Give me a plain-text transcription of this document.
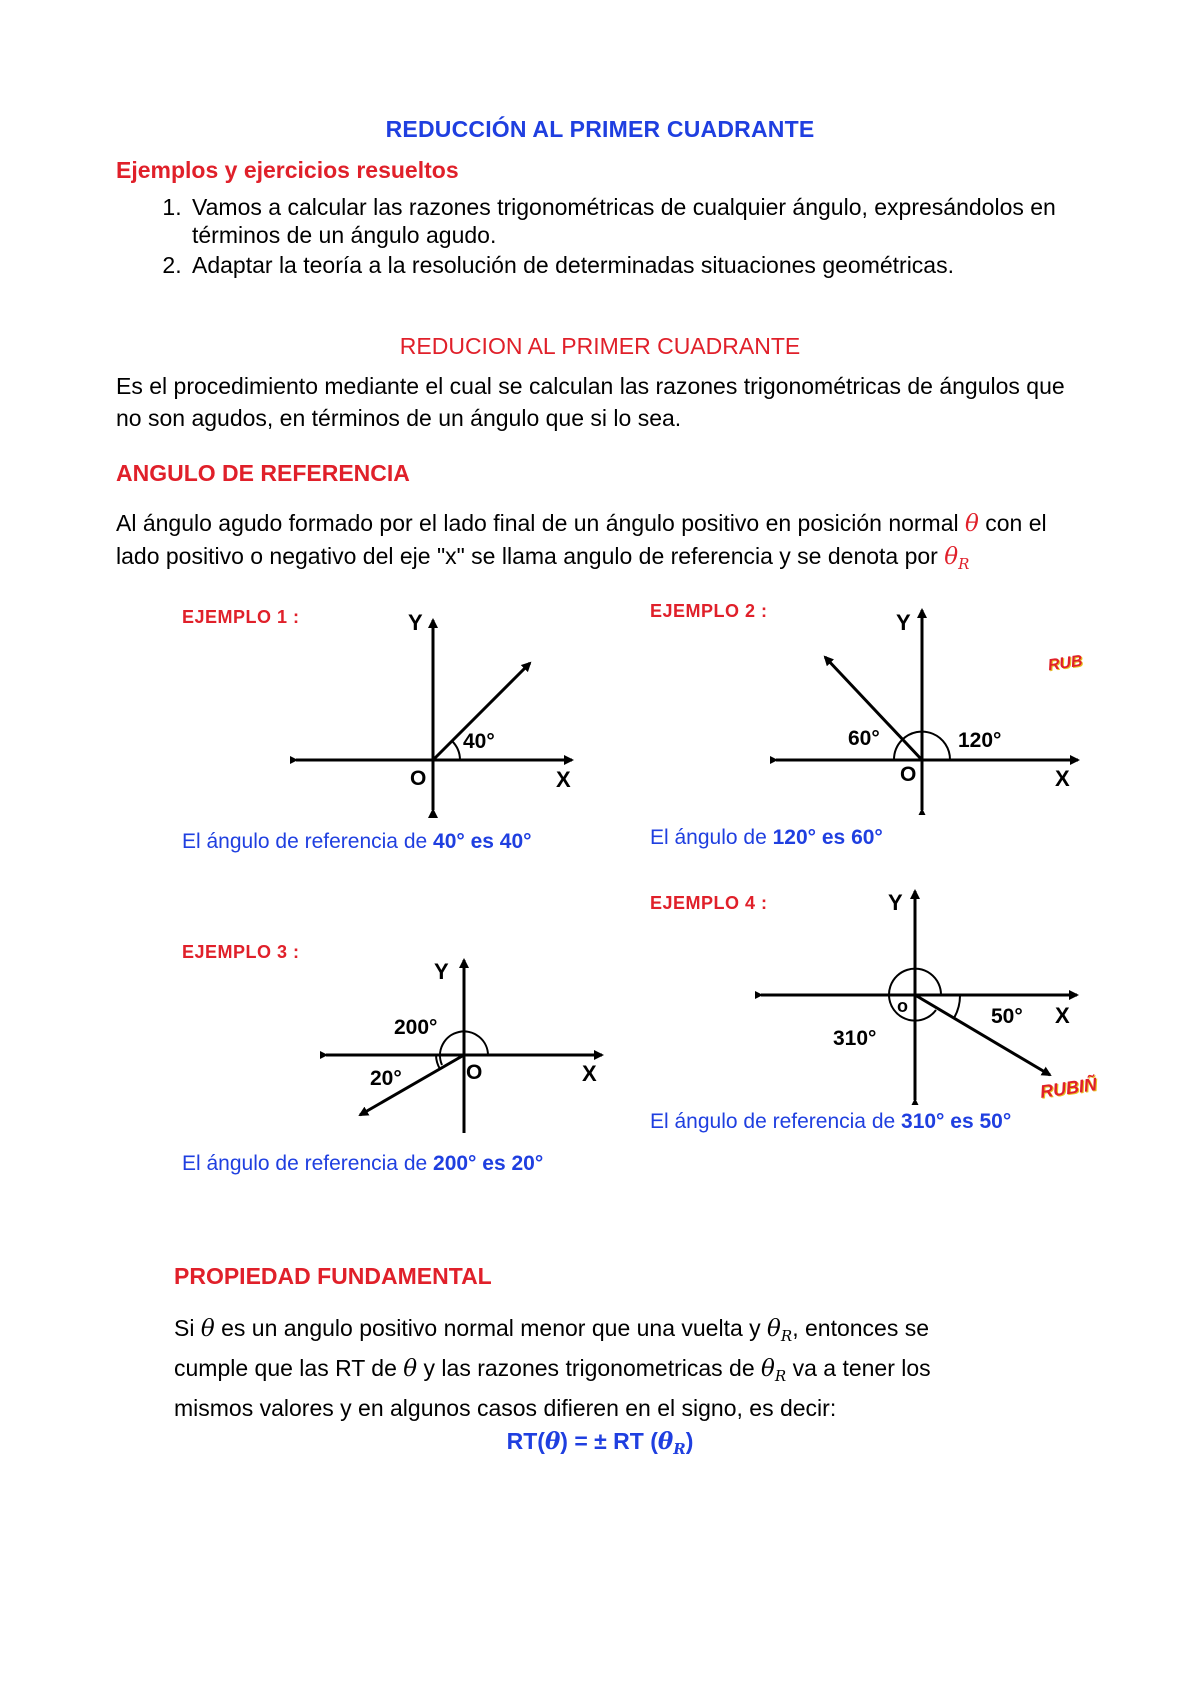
REDUCCIÓN AL PRIMER CUADRANTE
Ejemplos y ejercicios resueltos
1. Vamos a calcular las razones trigonométricas de cualquier ángulo, expresándolos en términos de un ángulo agudo.
2. Adaptar la teoría a la resolución de determinadas situaciones geométricas.
REDUCION AL PRIMER CUADRANTE
Es el procedimiento mediante el cual se calculan las razones trigonométricas de ángulos que no son agudos, en términos de un ángulo que si lo sea.
ANGULO DE REFERENCIA
Al ángulo agudo formado por el lado final de un ángulo positivo en posición normal θ con el lado positivo o negativo del eje "x" se llama angulo de referencia y se denota por $\theta_R$
EJEMPLO 1 :	Y
40°
O	X
El ángulo de referencia de 40° es 40°
EJEMPLO 2 :	Y
60°	120°
O	X
RUB
El ángulo de 120° es 60°
EJEMPLO 3 :
Y
200°
20°	O	X
El ángulo de referencia de 200° es 20°
EJEMPLO 4 :	Y
o	50° X
310°
RUBIÑ
El ángulo de referencia de 310° es 50°
PROPIEDAD FUNDAMENTAL
Si θ es un angulo positivo normal menor que una vuelta y $\theta_R$, entonces se cumple que las RT de θ y las razones trigonometricas de $\theta_R$ va a tener los mismos valores y en algunos casos difieren en el signo, es decir:
RT(θ) = ± RT $(\theta_R)$
